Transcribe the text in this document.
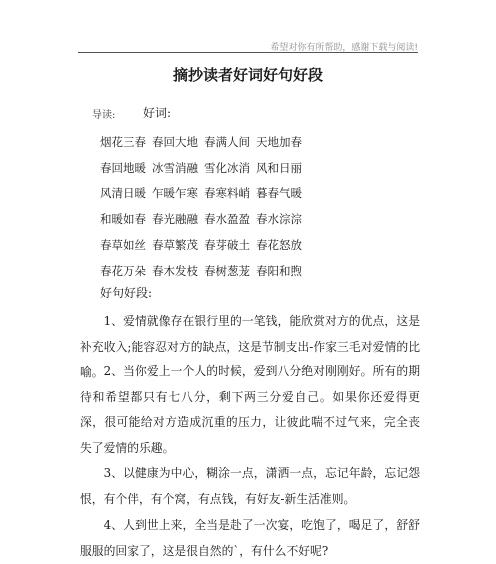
希望对你有所帮助，感谢下载与阅读!
摘抄读者好词好句好段
导读: 好词:
烟花三春 春回大地 春满人间 天地加春
春回地暖 冰雪消融 雪化冰消 风和日丽
风清日暖 乍暖乍寒 春寒料峭 暮春气暖
和暖如春 春光融融 春水盈盈 春水淙淙
春草如丝 春草繁茂 春芽破土 春花怒放
春花万朵 春木发枝 春树葱茏 春阳和煦
好句好段:
1、爱情就像存在银行里的一笔钱，能欣赏对方的优点，这是补充收入;能容忍对方的缺点，这是节制支出-作家三毛对爱情的比喻。 2、当你爱上一个人的时候，爱到八分绝对刚刚好。所有的期待和希望都只有七八分，剩下两三分爱自己。如果你还爱得更深，很可能给对方造成沉重的压力，让彼此喘不过气来，完全丧失了爱情的乐趣。
3、以健康为中心，糊涂一点，潇洒一点，忘记年龄，忘记怨恨，有个伴，有个窝，有点钱，有好友-新生活准则。
4、人到世上来，全当是赴了一次宴，吃饱了，喝足了，舒舒服服的回家了，这是很自然的`，有什么不好呢?
